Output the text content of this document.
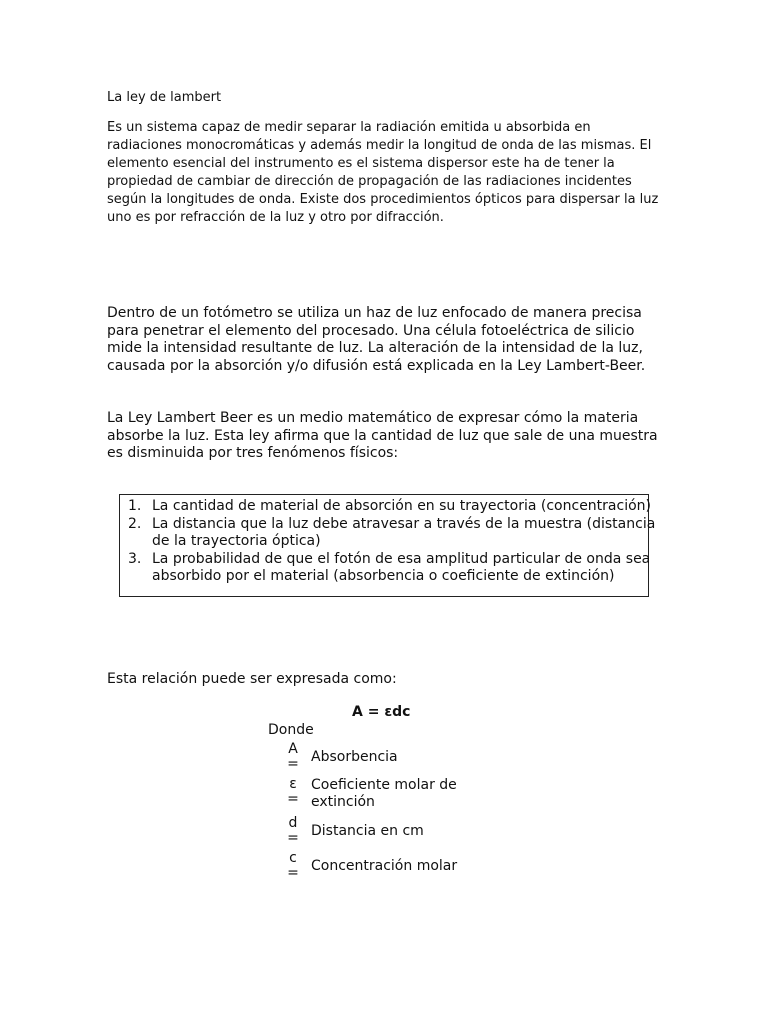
La ley de lambert

Es un sistema capaz de medir separar la radiación emitida u absorbida en radiaciones monocromáticas y además medir la longitud de onda de las mismas. El elemento esencial del instrumento es el sistema dispersor este ha de tener la propiedad de cambiar de dirección de propagación de las radiaciones incidentes según la longitudes de onda. Existe dos procedimientos ópticos para dispersar la luz uno es por refracción de la luz y otro por difracción.

Dentro de un fotómetro se utiliza un haz de luz enfocado de manera precisa para penetrar el elemento del procesado. Una célula fotoeléctrica de silicio mide la intensidad resultante de luz. La alteración de la intensidad de la luz, causada por la absorción y/o difusión está explicada en la Ley Lambert-Beer.

La Ley Lambert Beer es un medio matemático de expresar cómo la materia absorbe la luz. Esta ley afirma que la cantidad de luz que sale de una muestra es disminuida por tres fenómenos físicos:

1. La cantidad de material de absorción en su trayectoria (concentración)
2. La distancia que la luz debe atravesar a través de la muestra (distancia de la trayectoria óptica)
3. La probabilidad de que el fotón de esa amplitud particular de onda sea absorbido por el material (absorbencia o coeficiente de extinción)

Esta relación puede ser expresada como:

A = εdc
Donde
A
= Absorbencia
ε
=
Coeficiente molar de extinción
d
= Distancia en cm
c
= Concentración molar
